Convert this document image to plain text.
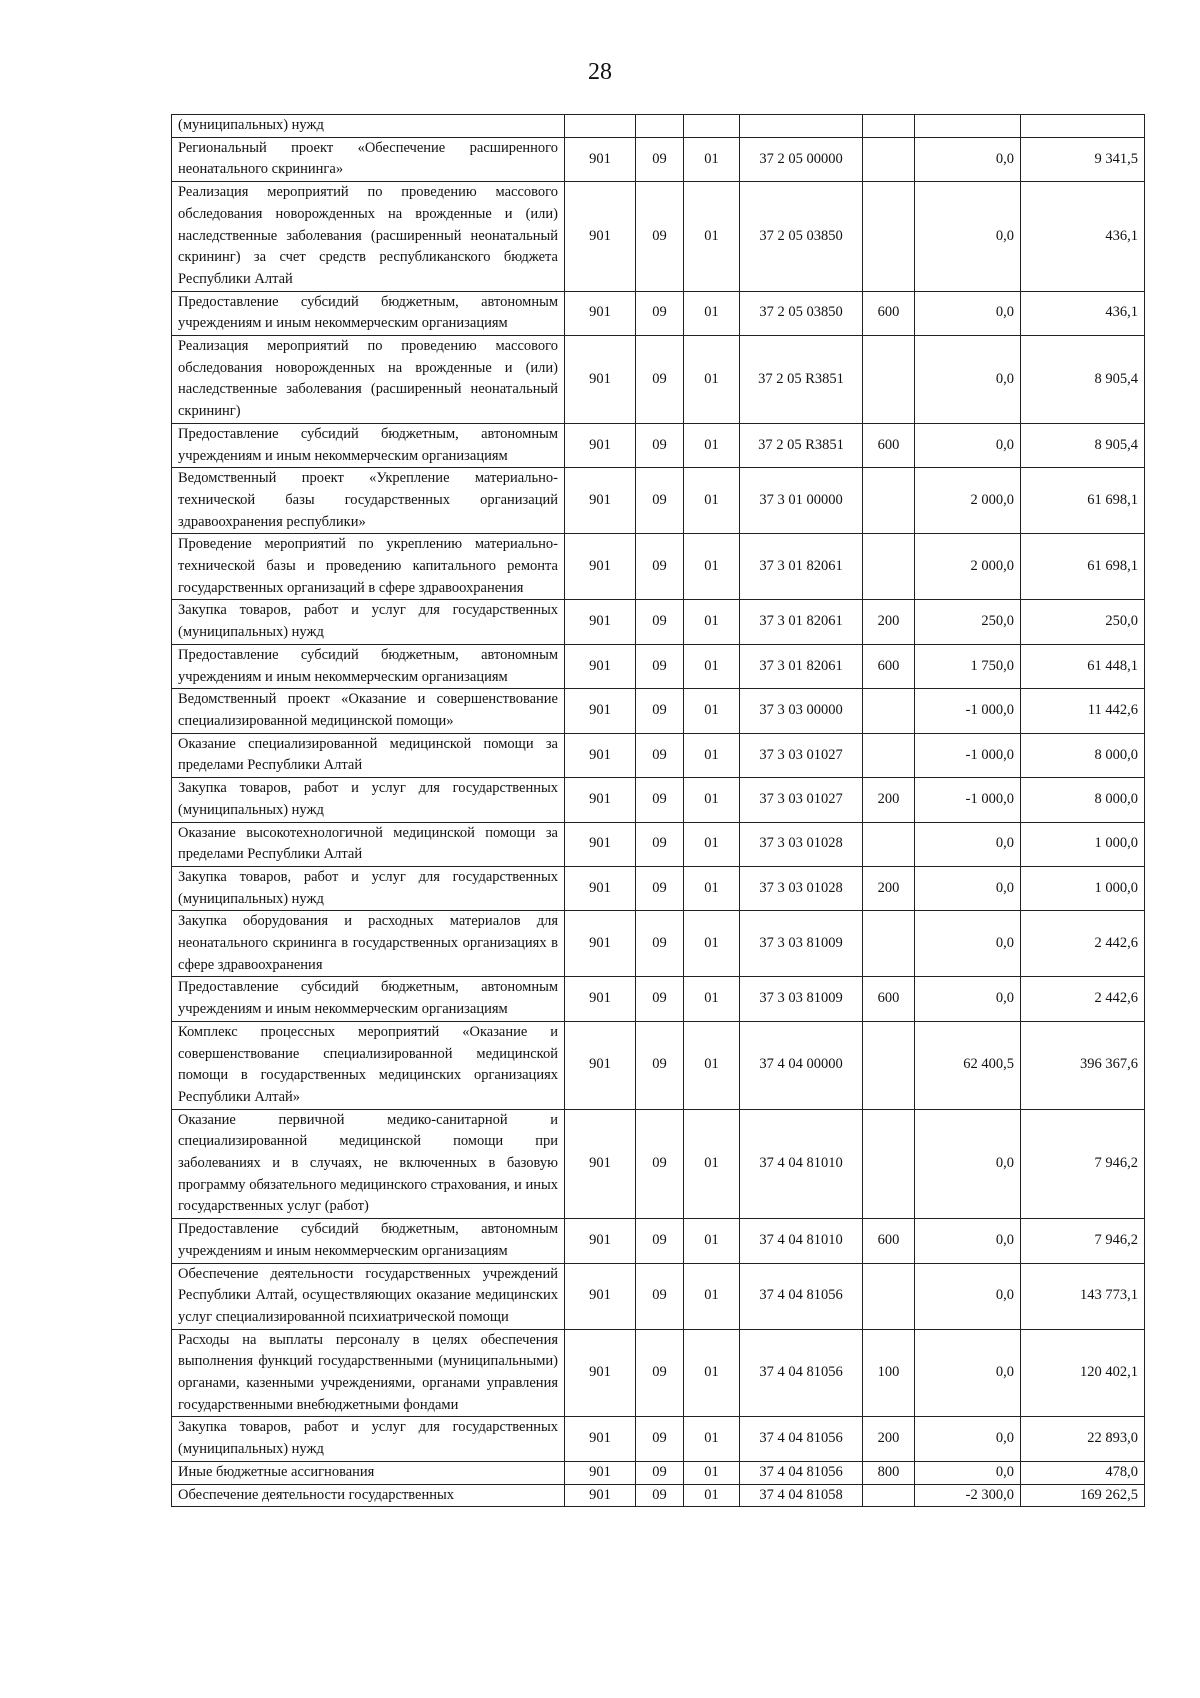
28
(муниципальных) нужд							
Региональный проект «Обеспечение расширенного неонатального скрининга»	901	09	01	37 2 05 00000		0,0	9 341,5
Реализация мероприятий по проведению массового обследования новорожденных на врожденные и (или) наследственные заболевания (расширенный неонатальный скрининг) за счет средств республиканского бюджета Республики Алтай	901	09	01	37 2 05 03850		0,0	436,1
Предоставление субсидий бюджетным, автономным учреждениям и иным некоммерческим организациям	901	09	01	37 2 05 03850	600	0,0	436,1
Реализация мероприятий по проведению массового обследования новорожденных на врожденные и (или) наследственные заболевания (расширенный неонатальный скрининг)	901	09	01	37 2 05 R3851		0,0	8 905,4
Предоставление субсидий бюджетным, автономным учреждениям и иным некоммерческим организациям	901	09	01	37 2 05 R3851	600	0,0	8 905,4
Ведомственный проект «Укрепление материально-технической базы государственных организаций здравоохранения республики»	901	09	01	37 3 01 00000		2 000,0	61 698,1
Проведение мероприятий по укреплению материально-технической базы и проведению капитального ремонта государственных организаций в сфере здравоохранения	901	09	01	37 3 01 82061		2 000,0	61 698,1
Закупка товаров, работ и услуг для государственных (муниципальных) нужд	901	09	01	37 3 01 82061	200	250,0	250,0
Предоставление субсидий бюджетным, автономным учреждениям и иным некоммерческим организациям	901	09	01	37 3 01 82061	600	1 750,0	61 448,1
Ведомственный проект «Оказание и совершенствование специализированной медицинской помощи»	901	09	01	37 3 03 00000		-1 000,0	11 442,6
Оказание специализированной медицинской помощи за пределами Республики Алтай	901	09	01	37 3 03 01027		-1 000,0	8 000,0
Закупка товаров, работ и услуг для государственных (муниципальных) нужд	901	09	01	37 3 03 01027	200	-1 000,0	8 000,0
Оказание высокотехнологичной медицинской помощи за пределами Республики Алтай	901	09	01	37 3 03 01028		0,0	1 000,0
Закупка товаров, работ и услуг для государственных (муниципальных) нужд	901	09	01	37 3 03 01028	200	0,0	1 000,0
Закупка оборудования и расходных материалов для неонатального скрининга в государственных организациях в сфере здравоохранения	901	09	01	37 3 03 81009		0,0	2 442,6
Предоставление субсидий бюджетным, автономным учреждениям и иным некоммерческим организациям	901	09	01	37 3 03 81009	600	0,0	2 442,6
Комплекс процессных мероприятий «Оказание и совершенствование специализированной медицинской помощи в государственных медицинских организациях Республики Алтай»	901	09	01	37 4 04 00000		62 400,5	396 367,6
Оказание первичной медико-санитарной и специализированной медицинской помощи при заболеваниях и в случаях, не включенных в базовую программу обязательного медицинского страхования, и иных государственных услуг (работ)	901	09	01	37 4 04 81010		0,0	7 946,2
Предоставление субсидий бюджетным, автономным учреждениям и иным некоммерческим организациям	901	09	01	37 4 04 81010	600	0,0	7 946,2
Обеспечение деятельности государственных учреждений Республики Алтай, осуществляющих оказание медицинских услуг специализированной психиатрической помощи	901	09	01	37 4 04 81056		0,0	143 773,1
Расходы на выплаты персоналу в целях обеспечения выполнения функций государственными (муниципальными) органами, казенными учреждениями, органами управления государственными внебюджетными фондами	901	09	01	37 4 04 81056	100	0,0	120 402,1
Закупка товаров, работ и услуг для государственных (муниципальных) нужд	901	09	01	37 4 04 81056	200	0,0	22 893,0
Иные бюджетные ассигнования	901	09	01	37 4 04 81056	800	0,0	478,0
Обеспечение деятельности государственных	901	09	01	37 4 04 81058		-2 300,0	169 262,5
